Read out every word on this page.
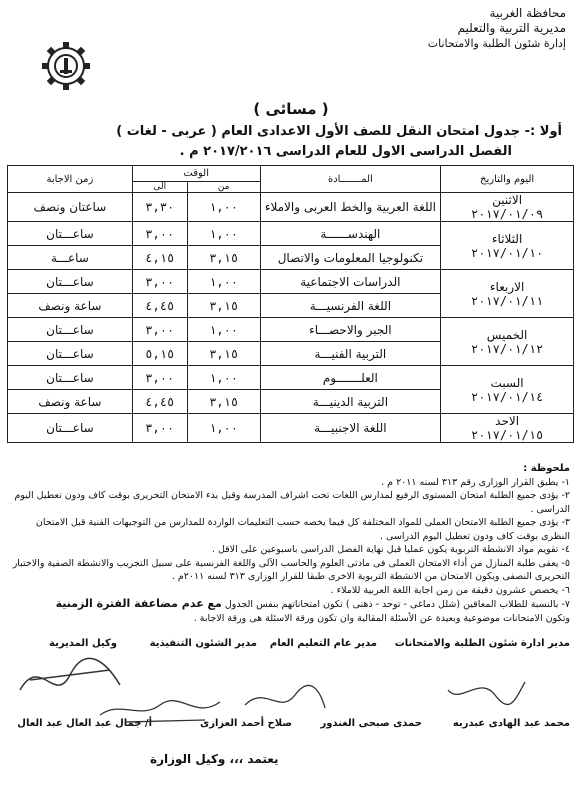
محافظة الغربية
مديرية التربية والتعليم
إدارة شئون الطلبة والامتحانات
( مسائى )
أولا :- جدول امتحان النقل للصف الأول الاعدادى العام ( عربى - لغات )
الفصل الدراسى الاول للعام الدراسى ٢٠١٧/٢٠١٦ م .
اليوم والتاريخ	المـــــــادة	الوقت		زمن الاجابة
		من	الى	

الاثنين
٢٠١٧/٠١/٠٩	اللغة العربية والخط العربى والاملاء	١,٠٠	٣,٣٠	ساعتان ونصف

الثلاثاء
٢٠١٧/٠١/١٠	الهندســــــة	١,٠٠	٣,٠٠	ساعـــتان
	تكنولوجيا المعلومات والاتصال	٣,١٥	٤,١٥	ساعـــة

الاربعاء
٢٠١٧/٠١/١١	الدراسات الاجتماعية	١,٠٠	٣,٠٠	ساعـــتان
	اللغة الفرنسيـــة	٣,١٥	٤,٤٥	ساعة ونصف

الخميس
٢٠١٧/٠١/١٢	الجبر والاحصـــاء	١,٠٠	٣,٠٠	ساعـــتان
	التربية الفنيـــة	٣,١٥	٥,١٥	ساعـــتان

السبت
٢٠١٧/٠١/١٤	العلـــــــوم	١,٠٠	٣,٠٠	ساعـــتان
	التربية الدينيـــة	٣,١٥	٤,٤٥	ساعة ونصف

الاحد
٢٠١٧/٠١/١٥	اللغة الاجنبيـــة	١,٠٠	٣,٠٠	ساعـــتان
ملحوظة :
١- يطبق القرار الوزارى رقم ٣١٣ لسنه ٢٠١١ م .
٢- يؤدى جميع الطلبة امتحان المستوى الرفيع لمدارس اللغات تحت اشراف المدرسة وقبل بدء الامتحان التحريرى بوقت كاف ودون تعطيل اليوم الدراسى .
٣- يؤدى جميع الطلبة الامتحان العملى للمواد المختلفة كل فيما يخصه حسب التعليمات الواردة للمدارس من التوجيهات الفنية قبل الامتحان النظرى بوقت كاف ودون تعطيل اليوم الدراسى .
٤- تقويم مواد الانشطة التربوية يكون عمليا قبل نهاية الفصل الدراسى باسبوعين على الاقل .
٥- يعفى طلبة المنازل من أداء الامتحان العملى فى مادتى العلوم والحاسب الآلى واللغة الفرنسية على سبيل التجريب والانشطة الصفية والاختبار التحريرى النصفى ويكون الامتحان من الانشطة التربوية الاخرى طبقا للقرار الوزارى ٣١٣ لسنه ٢٠١١م .
٦- يخصص عشرون دقيقة من زمن اجابة اللغة العربية للاملاء .
٧- بالنسبة للطلاب المعاقين (شلل دماغى - توحد - ذهنى ) تكون امتحاناتهم بنفس الجدول مع عدم مضاعفة الفترة الزمنية
وتكون الامتحانات موضوعية وبعيدة عن الأسئلة المقالية وان تكون ورقة الاسئلة هى ورقة الاجابة .
مدير ادارة شئون الطلبة والامتحانات
مدير عام التعليم العام
مدير الشئون التنفيذية
وكيل المديرية
محمد عبد الهادى عبدربه
حمدى صبحى الغندور
صلاح أحمد العزازى
أ/ جمال عبد العال عبد العال
يعتمد ،،، وكيل الوزارة
